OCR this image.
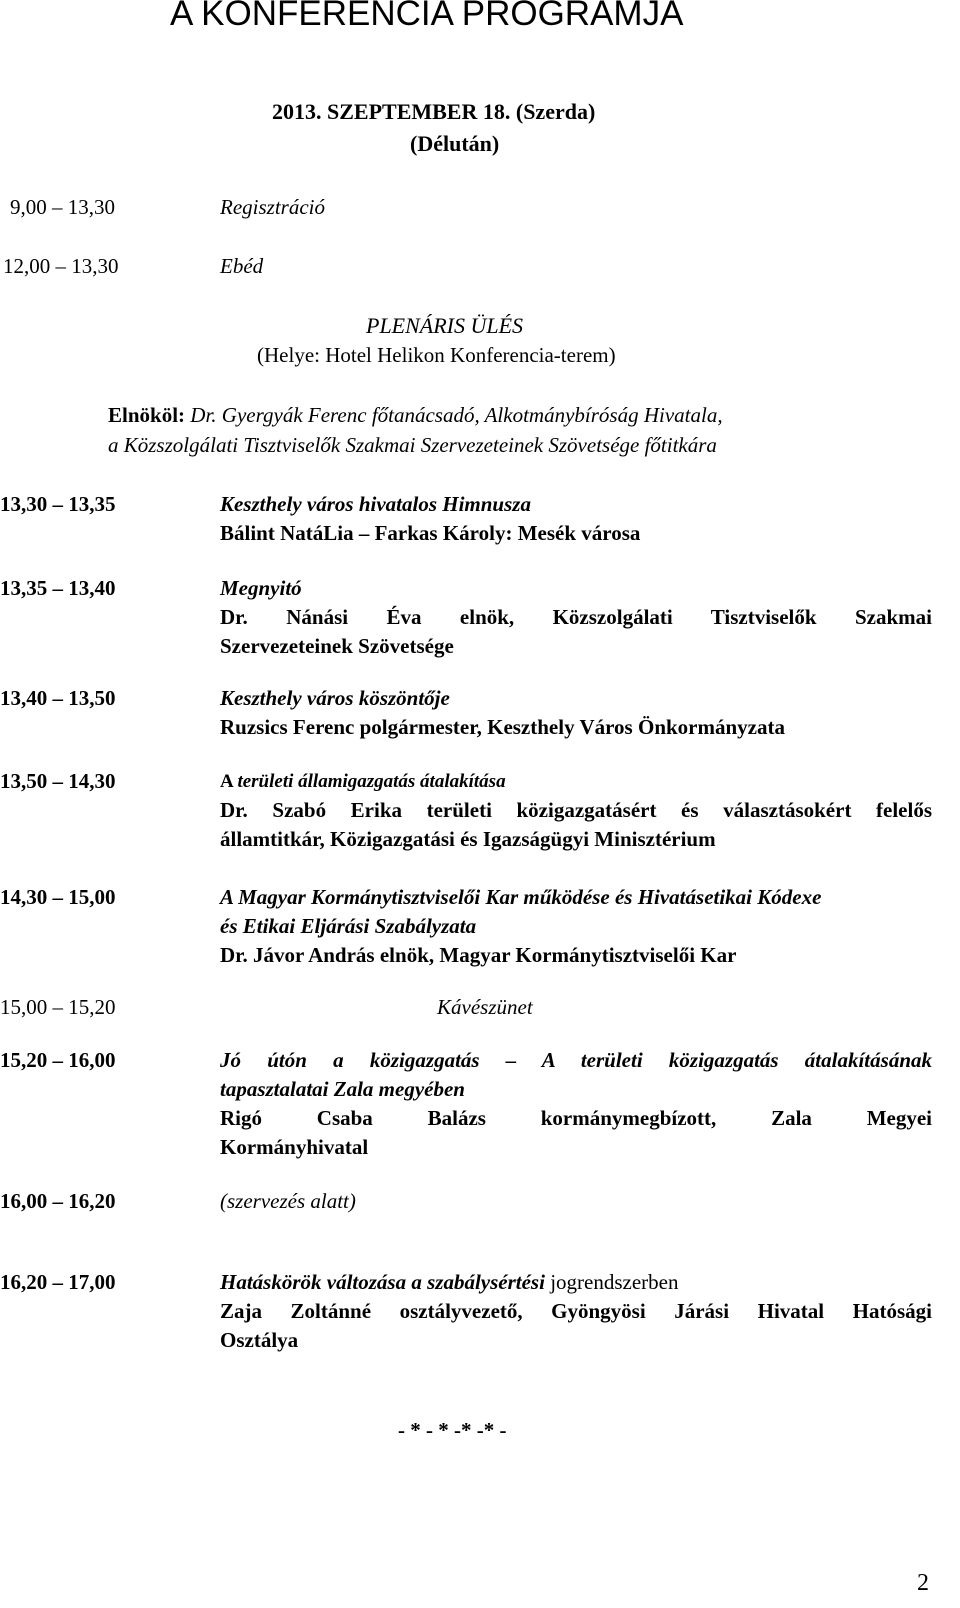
A KONFERENCIA PROGRAMJA
2013. SZEPTEMBER 18. (Szerda)
(Délután)
9,00 – 13,30	Regisztráció
12,00 – 13,30	Ebéd
PLENÁRIS ÜLÉS
(Helye: Hotel Helikon Konferencia-terem)
Elnököl: Dr. Gyergyák Ferenc főtanácsadó, Alkotmánybíróság Hivatala,
a Közszolgálati Tisztviselők Szakmai Szervezeteinek Szövetsége főtitkára
13,30 – 13,35	Keszthely város hivatalos Himnusza
Bálint NatáLia – Farkas Károly: Mesék városa
13,35 – 13,40	Megnyitó
Dr. Nánási Éva elnök, Közszolgálati Tisztviselők Szakmai
Szervezeteinek Szövetsége
13,40 – 13,50	Keszthely város köszöntője
Ruzsics Ferenc polgármester, Keszthely Város Önkormányzata
13,50 – 14,30	A területi államigazgatás átalakítása
Dr. Szabó Erika területi közigazgatásért és választásokért felelős
államtitkár, Közigazgatási és Igazságügyi Minisztérium
14,30 – 15,00	A Magyar Kormánytisztviselői Kar működése és Hivatásetikai Kódexe
és Etikai Eljárási Szabályzata
Dr. Jávor András elnök, Magyar Kormánytisztviselői Kar
15,00 – 15,20	Kávészünet
15,20 – 16,00	Jó útón a közigazgatás – A területi közigazgatás átalakításának
tapasztalatai Zala megyében
Rigó Csaba Balázs kormánymegbízott, Zala Megyei
Kormányhivatal
16,00 – 16,20	(szervezés alatt)
16,20 – 17,00	Hatáskörök változása a szabálysértési jogrendszerben
Zaja Zoltánné osztályvezető, Gyöngyösi Járási Hivatal Hatósági
Osztálya
- * - * -* -* -
2
